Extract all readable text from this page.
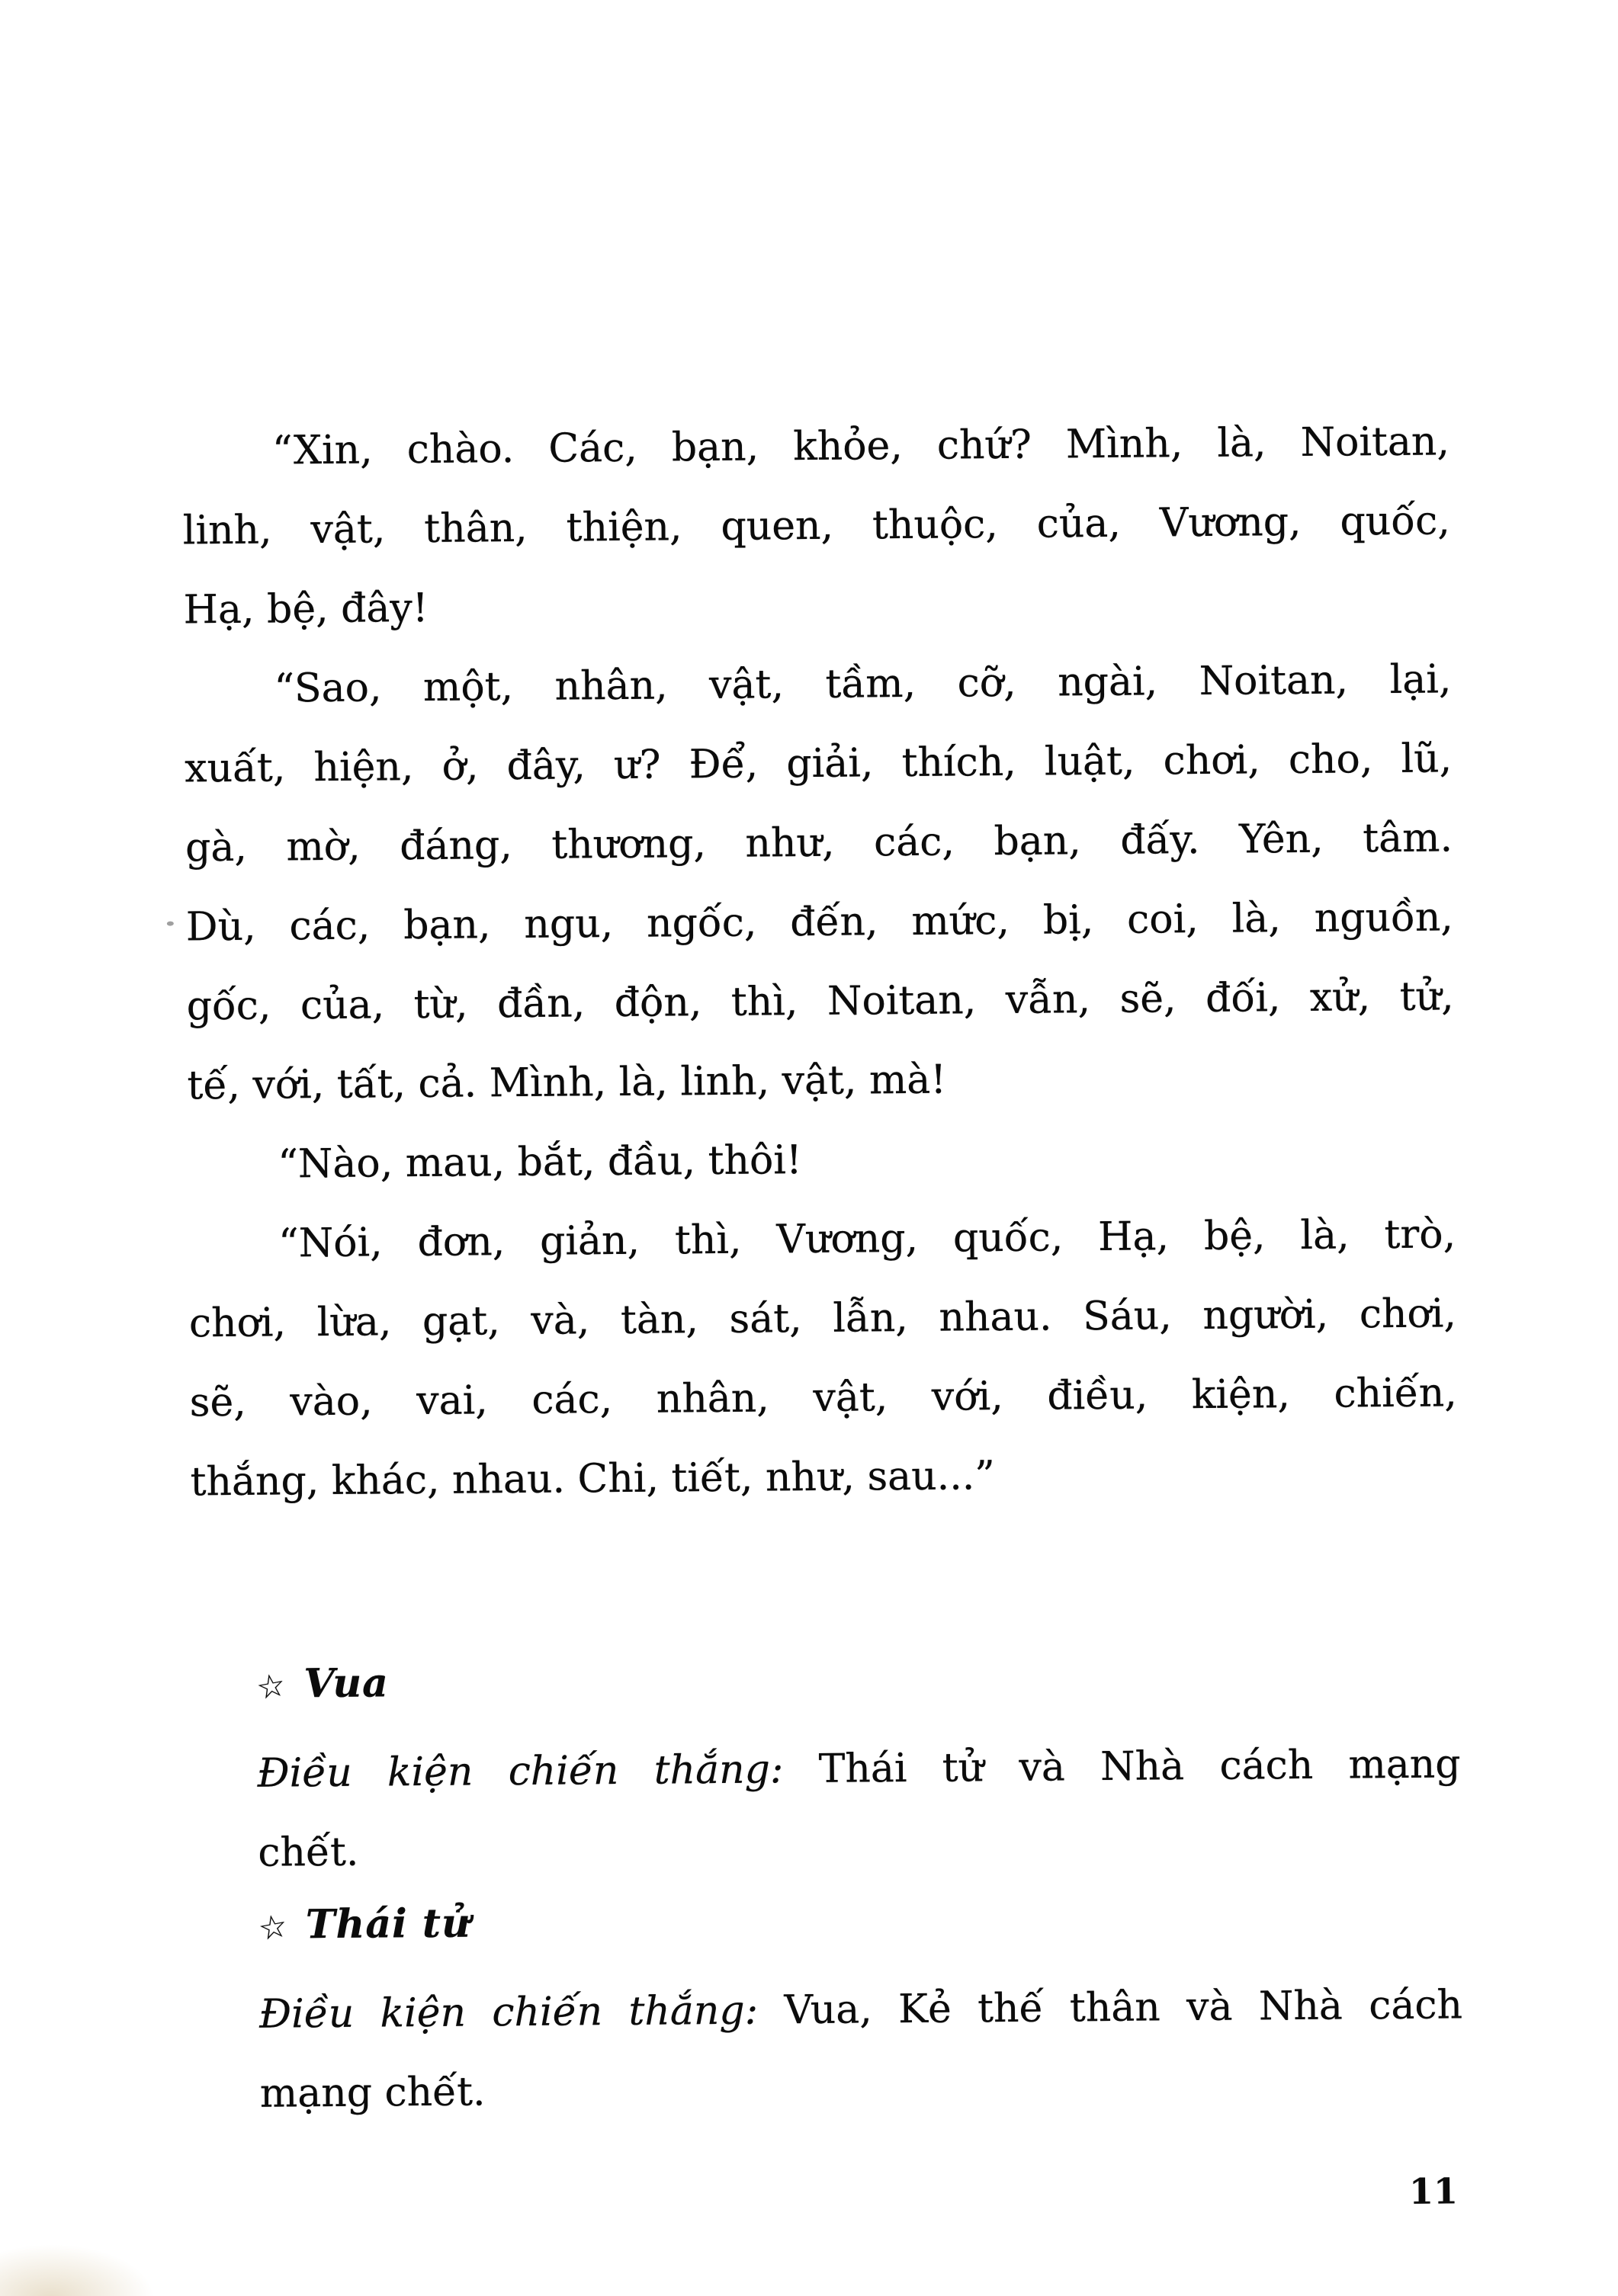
“Xin, chào. Các, bạn, khỏe, chứ? Mình, là, Noitan,
linh, vật, thân, thiện, quen, thuộc, của, Vương, quốc,
Hạ, bệ, đây!
“Sao, một, nhân, vật, tầm, cỡ, ngài, Noitan, lại,
xuất, hiện, ở, đây, ư? Để, giải, thích, luật, chơi, cho, lũ,
gà, mờ, đáng, thương, như, các, bạn, đấy. Yên, tâm.
Dù, các, bạn, ngu, ngốc, đến, mức, bị, coi, là, nguồn,
gốc, của, từ, đần, độn, thì, Noitan, vẫn, sẽ, đối, xử, tử,
tế, với, tất, cả. Mình, là, linh, vật, mà!
“Nào, mau, bắt, đầu, thôi!
“Nói, đơn, giản, thì, Vương, quốc, Hạ, bệ, là, trò,
chơi, lừa, gạt, và, tàn, sát, lẫn, nhau. Sáu, người, chơi,
sẽ, vào, vai, các, nhân, vật, với, điều, kiện, chiến,
thắng, khác, nhau. Chi, tiết, như, sau...”
☆ Vua
Điều kiện chiến thắng: Thái tử và Nhà cách mạng
chết.
☆ Thái tử
Điều kiện chiến thắng: Vua, Kẻ thế thân và Nhà cách
mạng chết.
11
